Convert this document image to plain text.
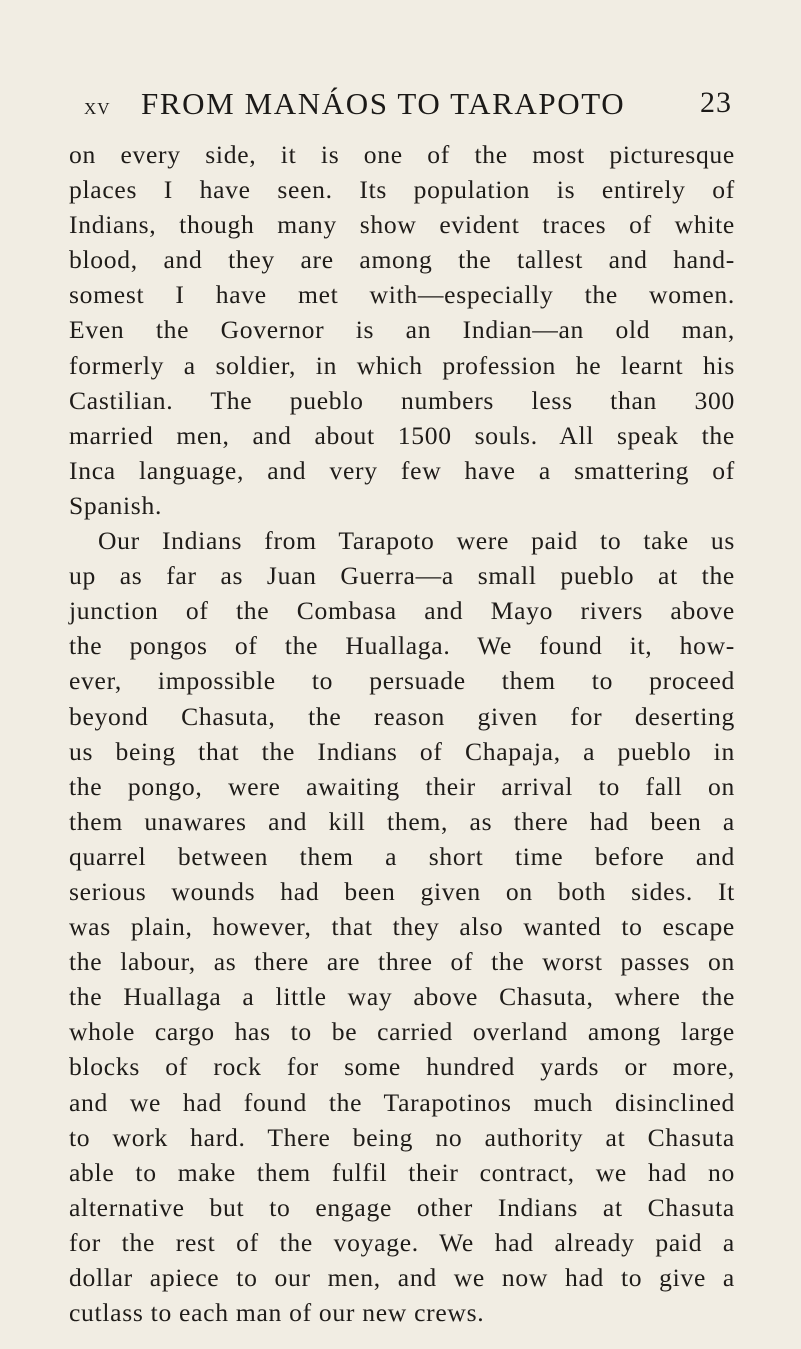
XV FROM MANÁOS TO TARAPOTO 23
on every side, it is one of the most picturesque
places I have seen. Its population is entirely of
Indians, though many show evident traces of white
blood, and they are among the tallest and hand-
somest I have met with—especially the women.
Even the Governor is an Indian—an old man,
formerly a soldier, in which profession he learnt his
Castilian. The pueblo numbers less than 300
married men, and about 1500 souls. All speak the
Inca language, and very few have a smattering of
Spanish.
Our Indians from Tarapoto were paid to take us
up as far as Juan Guerra—a small pueblo at the
junction of the Combasa and Mayo rivers above
the pongos of the Huallaga. We found it, how-
ever, impossible to persuade them to proceed
beyond Chasuta, the reason given for deserting
us being that the Indians of Chapaja, a pueblo in
the pongo, were awaiting their arrival to fall on
them unawares and kill them, as there had been a
quarrel between them a short time before and
serious wounds had been given on both sides. It
was plain, however, that they also wanted to escape
the labour, as there are three of the worst passes on
the Huallaga a little way above Chasuta, where the
whole cargo has to be carried overland among large
blocks of rock for some hundred yards or more,
and we had found the Tarapotinos much disinclined
to work hard. There being no authority at Chasuta
able to make them fulfil their contract, we had no
alternative but to engage other Indians at Chasuta
for the rest of the voyage. We had already paid a
dollar apiece to our men, and we now had to give a
cutlass to each man of our new crews.
